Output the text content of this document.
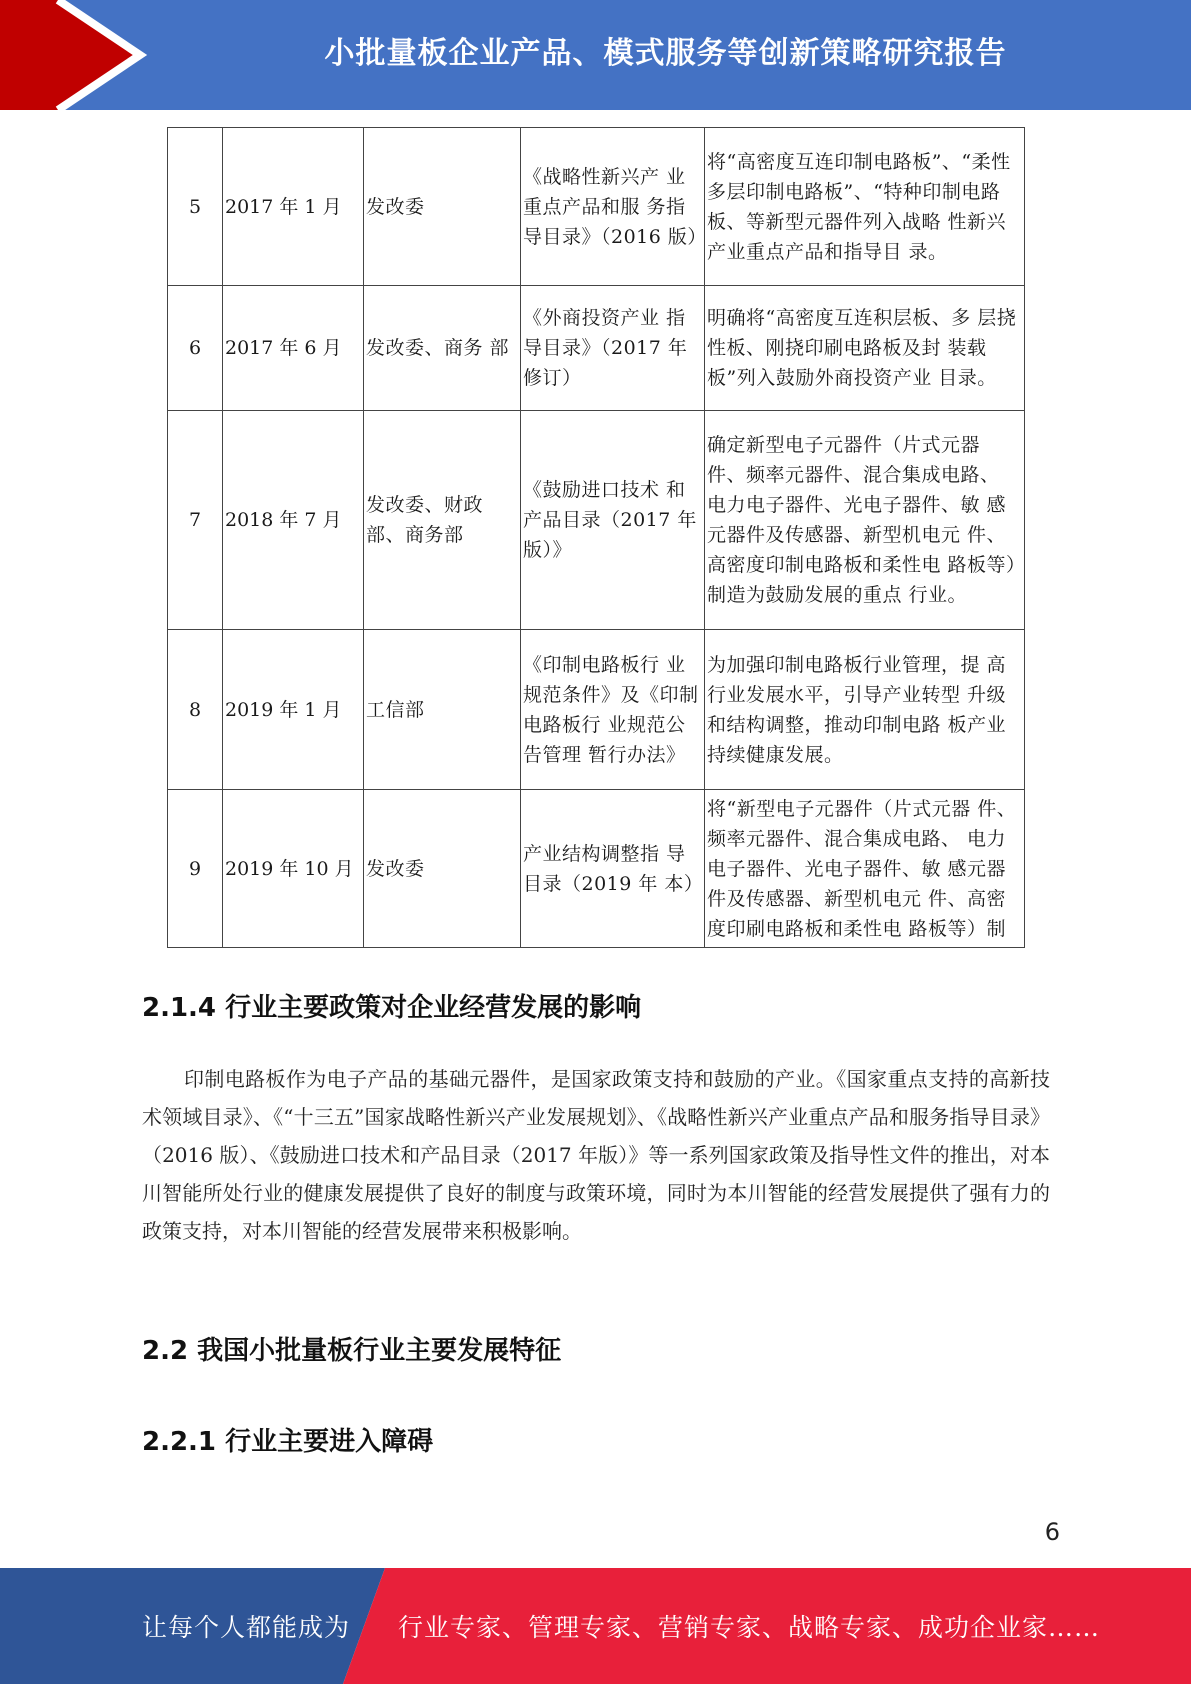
小批量板企业产品、模式服务等创新策略研究报告
5	2017 年 1 月	发改委	《战略性新兴产 业重点产品和服 务指导目录》（2016 版）	将“高密度互连印制电路板”、“柔性多层印制电路板”、“特种印制电路板、等新型元器件列入战略 性新兴产业重点产品和指导目 录。
6	2017 年 6 月	发改委、商务 部	《外商投资产业 指导目录》（2017 年修订）	明确将“高密度互连积层板、多 层挠性板、刚挠印刷电路板及封 装载板”列入鼓励外商投资产业 目录。
7	2018 年 7 月	发改委、财政部、商务部	《鼓励进口技术 和产品目录（2017 年版）》	确定新型电子元器件（片式元器 件、频率元器件、混合集成电路、 电力电子器件、光电子器件、敏 感元器件及传感器、新型机电元 件、高密度印制电路板和柔性电 路板等）制造为鼓励发展的重点 行业。
8	2019 年 1 月	工信部	《印制电路板行 业规范条件》及《印制电路板行 业规范公告管理 暂行办法》	为加强印制电路板行业管理，提 高行业发展水平，引导产业转型 升级和结构调整，推动印制电路 板产业持续健康发展。
9	2019 年 10 月	发改委	产业结构调整指 导目录（2019 年 本）	将“新型电子元器件（片式元器 件、频率元器件、混合集成电路、 电力电子器件、光电子器件、敏 感元器件及传感器、新型机电元 件、高密度印刷电路板和柔性电 路板等）制
2.1.4 行业主要政策对企业经营发展的影响

印制电路板作为电子产品的基础元器件，是国家政策支持和鼓励的产业。《国家重点支持的高新技术领域目录》、《“十三五”国家战略性新兴产业发展规划》、《战略性新兴产业重点产品和服务指导目录》（2016 版）、《鼓励进口技术和产品目录（2017 年版）》等一系列国家政策及指导性文件的推出，对本川智能所处行业的健康发展提供了良好的制度与政策环境，同时为本川智能的经营发展提供了强有力的政策支持，对本川智能的经营发展带来积极影响。

2.2 我国小批量板行业主要发展特征
2.2.1 行业主要进入障碍
6
让每个人都能成为 行业专家、管理专家、营销专家、战略专家、成功企业家……
